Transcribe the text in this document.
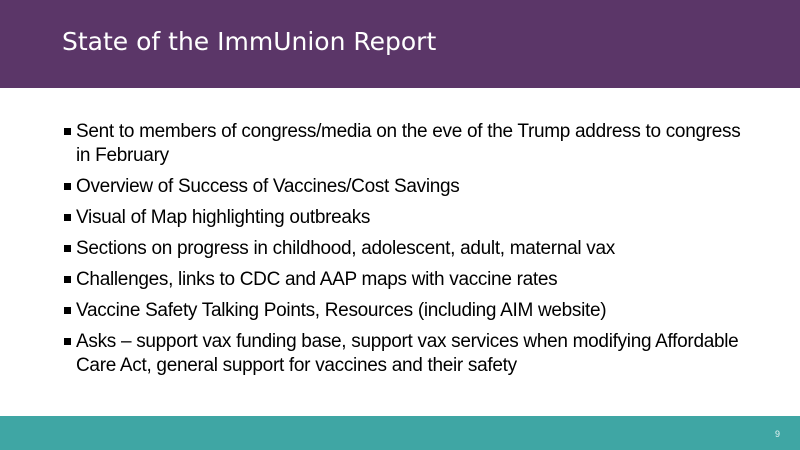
State of the ImmUnion Report
Sent to members of congress/media on the eve of the Trump address to congress in February
Overview of Success of Vaccines/Cost Savings
Visual of Map highlighting outbreaks
Sections on progress in childhood, adolescent, adult, maternal vax
Challenges, links to CDC and AAP maps with vaccine rates
Vaccine Safety Talking Points, Resources (including AIM website)
Asks – support vax funding base, support vax services when modifying Affordable Care Act, general support for vaccines and their safety
9
